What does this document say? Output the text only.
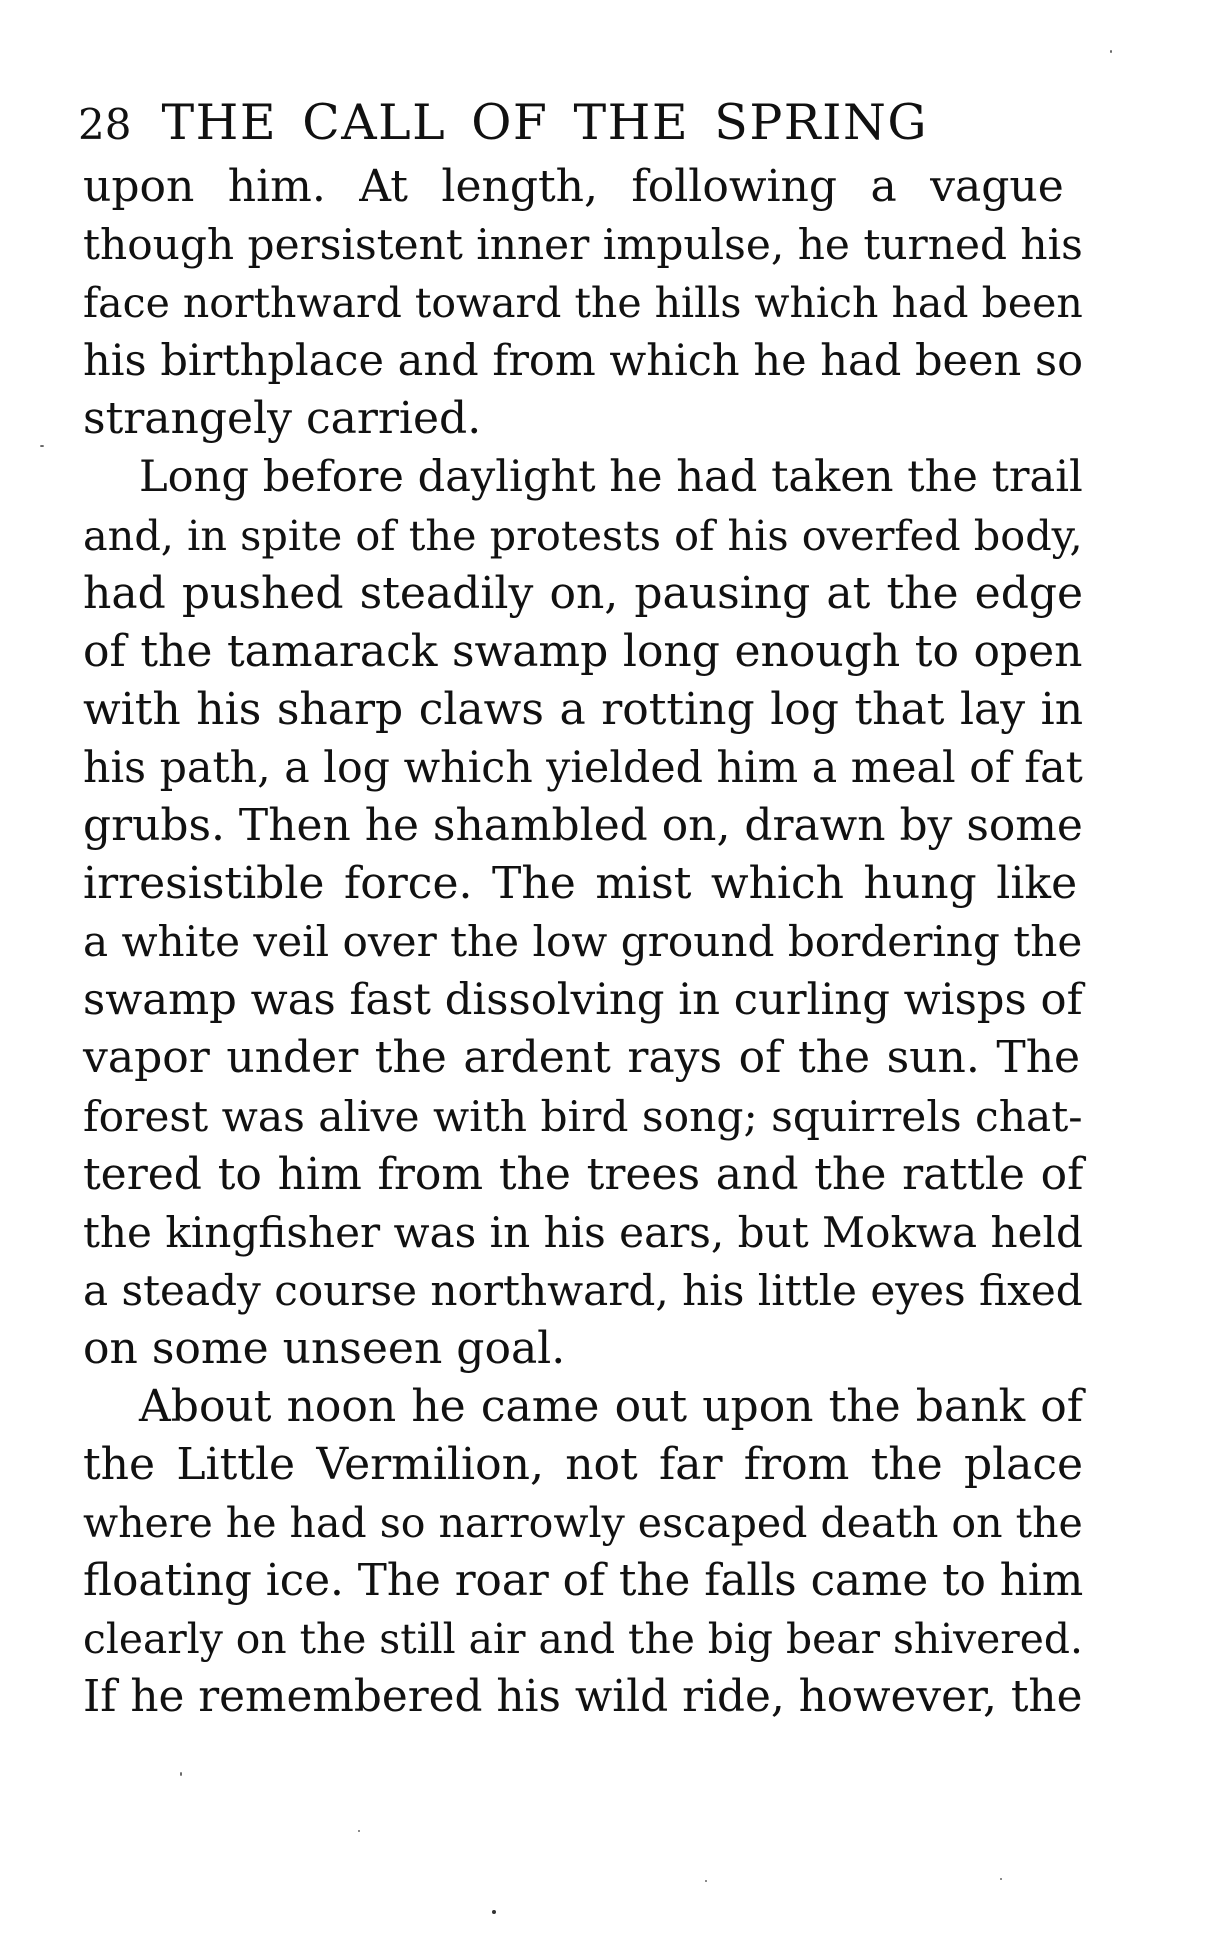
28 THE CALL OF THE SPRING
upon him. At length, following a vague
though persistent inner impulse, he turned his
face northward toward the hills which had been
his birthplace and from which he had been so
strangely carried.
Long before daylight he had taken the trail
and, in spite of the protests of his overfed body,
had pushed steadily on, pausing at the edge
of the tamarack swamp long enough to open
with his sharp claws a rotting log that lay in
his path, a log which yielded him a meal of fat
grubs. Then he shambled on, drawn by some
irresistible force. The mist which hung like
a white veil over the low ground bordering the
swamp was fast dissolving in curling wisps of
vapor under the ardent rays of the sun. The
forest was alive with bird song; squirrels chat-
tered to him from the trees and the rattle of
the kingfisher was in his ears, but Mokwa held
a steady course northward, his little eyes fixed
on some unseen goal.
About noon he came out upon the bank of
the Little Vermilion, not far from the place
where he had so narrowly escaped death on the
floating ice. The roar of the falls came to him
clearly on the still air and the big bear shivered.
If he remembered his wild ride, however, the
